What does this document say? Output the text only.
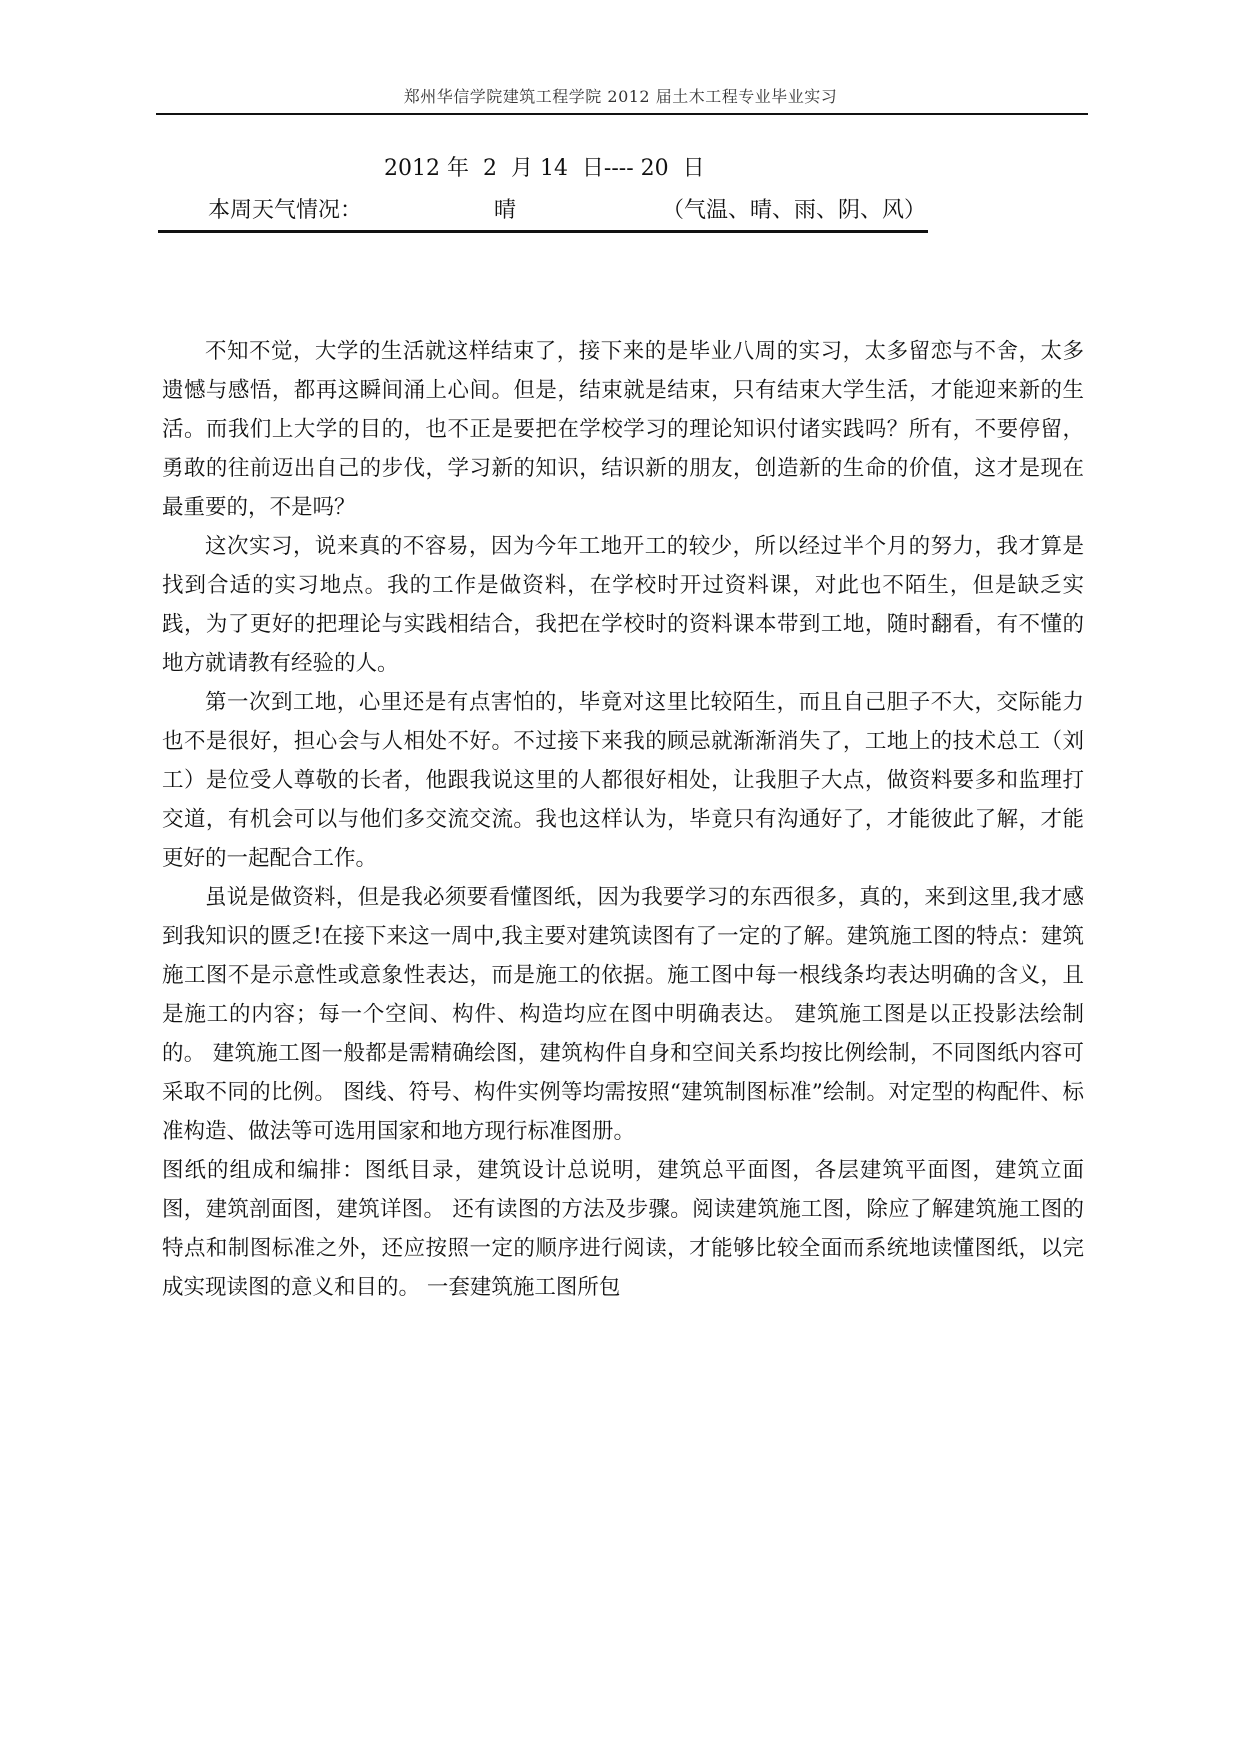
郑州华信学院建筑工程学院 2012 届土木工程专业毕业实习
2012 年  2  月 14  日---- 20  日
本周天气情况：	晴	（气温、晴、雨、阴、风）

不知不觉，大学的生活就这样结束了，接下来的是毕业八周的实习，太多留恋与不舍，太多遗憾与感悟，都再这瞬间涌上心间。但是，结束就是结束，只有结束大学生活，才能迎来新的生活。而我们上大学的目的，也不正是要把在学校学习的理论知识付诸实践吗？所有，不要停留，勇敢的往前迈出自己的步伐，学习新的知识，结识新的朋友，创造新的生命的价值，这才是现在最重要的，不是吗？

这次实习，说来真的不容易，因为今年工地开工的较少，所以经过半个月的努力，我才算是找到合适的实习地点。我的工作是做资料，在学校时开过资料课，对此也不陌生，但是缺乏实践，为了更好的把理论与实践相结合，我把在学校时的资料课本带到工地，随时翻看，有不懂的地方就请教有经验的人。

第一次到工地，心里还是有点害怕的，毕竟对这里比较陌生，而且自己胆子不大，交际能力也不是很好，担心会与人相处不好。不过接下来我的顾忌就渐渐消失了，工地上的技术总工（刘工）是位受人尊敬的长者，他跟我说这里的人都很好相处，让我胆子大点，做资料要多和监理打交道，有机会可以与他们多交流交流。我也这样认为，毕竟只有沟通好了，才能彼此了解，才能更好的一起配合工作。

虽说是做资料，但是我必须要看懂图纸，因为我要学习的东西很多，真的，来到这里,我才感到我知识的匮乏!在接下来这一周中,我主要对建筑读图有了一定的了解。建筑施工图的特点：建筑施工图不是示意性或意象性表达，而是施工的依据。施工图中每一根线条均表达明确的含义，且是施工的内容；每一个空间、构件、构造均应在图中明确表达。 建筑施工图是以正投影法绘制的。 建筑施工图一般都是需精确绘图，建筑构件自身和空间关系均按比例绘制，不同图纸内容可采取不同的比例。 图线、符号、构件实例等均需按照“建筑制图标准”绘制。对定型的构配件、标准构造、做法等可选用国家和地方现行标准图册。

图纸的组成和编排：图纸目录，建筑设计总说明，建筑总平面图，各层建筑平面图，建筑立面图，建筑剖面图，建筑详图。 还有读图的方法及步骤。阅读建筑施工图，除应了解建筑施工图的特点和制图标准之外，还应按照一定的顺序进行阅读，才能够比较全面而系统地读懂图纸，以完成实现读图的意义和目的。 一套建筑施工图所包
